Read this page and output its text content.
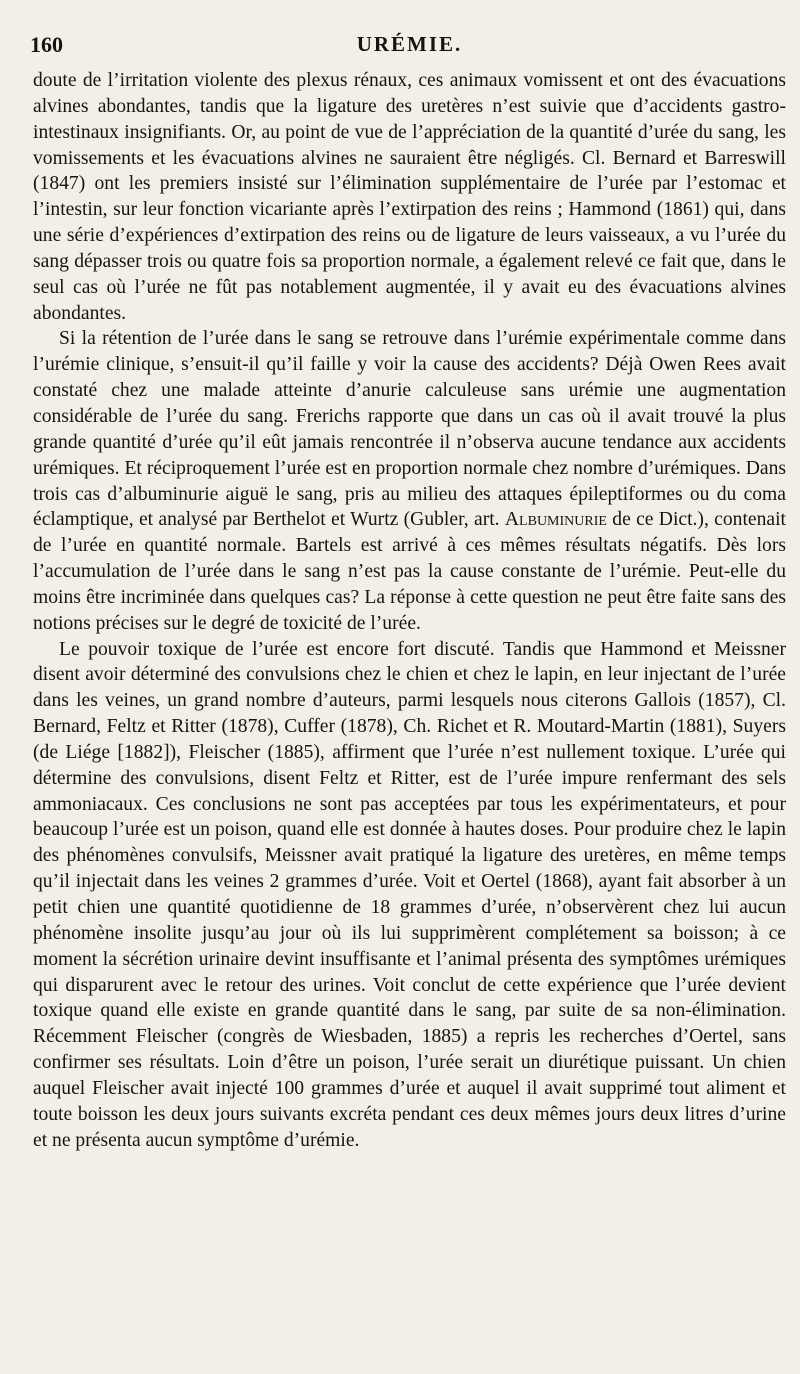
160	URÉMIE.

doute de l’irritation violente des plexus rénaux, ces animaux vomissent et ont des évacuations alvines abondantes, tandis que la ligature des uretères n’est suivie que d’accidents gastro-intestinaux insignifiants. Or, au point de vue de l’appréciation de la quantité d’urée du sang, les vomissements et les évacuations alvines ne sauraient être négligés. Cl. Bernard et Barreswill (1847) ont les premiers insisté sur l’élimination supplémentaire de l’urée par l’estomac et l’intestin, sur leur fonction vicariante après l’extirpation des reins ; Hammond (1861) qui, dans une série d’expériences d’extirpation des reins ou de ligature de leurs vaisseaux, a vu l’urée du sang dépasser trois ou quatre fois sa proportion normale, a également relevé ce fait que, dans le seul cas où l’urée ne fût pas notablement augmentée, il y avait eu des évacuations alvines abondantes.

Si la rétention de l’urée dans le sang se retrouve dans l’urémie expérimentale comme dans l’urémie clinique, s’ensuit-il qu’il faille y voir la cause des accidents? Déjà Owen Rees avait constaté chez une malade atteinte d’anurie calculeuse sans urémie une augmentation considérable de l’urée du sang. Frerichs rapporte que dans un cas où il avait trouvé la plus grande quantité d’urée qu’il eût jamais rencontrée il n’observa aucune tendance aux accidents urémiques. Et réciproquement l’urée est en proportion normale chez nombre d’urémiques. Dans trois cas d’albuminurie aiguë le sang, pris au milieu des attaques épileptiformes ou du coma éclamptique, et analysé par Berthelot et Wurtz (Gubler, art. Albuminurie de ce Dict.), contenait de l’urée en quantité normale. Bartels est arrivé à ces mêmes résultats négatifs. Dès lors l’accumulation de l’urée dans le sang n’est pas la cause constante de l’urémie. Peut-elle du moins être incriminée dans quelques cas? La réponse à cette question ne peut être faite sans des notions précises sur le degré de toxicité de l’urée.

Le pouvoir toxique de l’urée est encore fort discuté. Tandis que Hammond et Meissner disent avoir déterminé des convulsions chez le chien et chez le lapin, en leur injectant de l’urée dans les veines, un grand nombre d’auteurs, parmi lesquels nous citerons Gallois (1857), Cl. Bernard, Feltz et Ritter (1878), Cuffer (1878), Ch. Richet et R. Moutard-Martin (1881), Suyers (de Liége [1882]), Fleischer (1885), affirment que l’urée n’est nullement toxique. L’urée qui détermine des convulsions, disent Feltz et Ritter, est de l’urée impure renfermant des sels ammoniacaux. Ces conclusions ne sont pas acceptées par tous les expérimentateurs, et pour beaucoup l’urée est un poison, quand elle est donnée à hautes doses. Pour produire chez le lapin des phénomènes convulsifs, Meissner avait pratiqué la ligature des uretères, en même temps qu’il injectait dans les veines 2 grammes d’urée. Voit et Oertel (1868), ayant fait absorber à un petit chien une quantité quotidienne de 18 grammes d’urée, n’observèrent chez lui aucun phénomène insolite jusqu’au jour où ils lui supprimèrent complétement sa boisson; à ce moment la sécrétion urinaire devint insuffisante et l’animal présenta des symptômes urémiques qui disparurent avec le retour des urines. Voit conclut de cette expérience que l’urée devient toxique quand elle existe en grande quantité dans le sang, par suite de sa non-élimination. Récemment Fleischer (congrès de Wiesbaden, 1885) a repris les recherches d’Oertel, sans confirmer ses résultats. Loin d’être un poison, l’urée serait un diurétique puissant. Un chien auquel Fleischer avait injecté 100 grammes d’urée et auquel il avait supprimé tout aliment et toute boisson les deux jours suivants excréta pendant ces deux mêmes jours deux litres d’urine et ne présenta aucun symptôme d’urémie.
